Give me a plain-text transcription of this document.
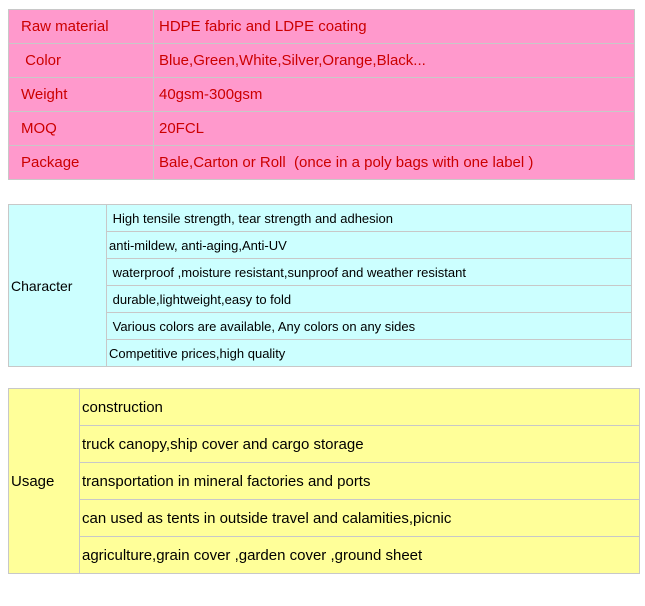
Raw material	HDPE fabric and LDPE coating
Color	Blue,Green,White,Silver,Orange,Black...
Weight	40gsm-300gsm
MOQ	20FCL
Package	Bale,Carton or Roll  (once in a poly bags with one label )
Character	High tensile strength, tear strength and adhesion
anti-mildew, anti-aging,Anti-UV
waterproof ,moisture resistant,sunproof and weather resistant
durable,lightweight,easy to fold
Various colors are available, Any colors on any sides
Competitive prices,high quality
Usage	construction
truck canopy,ship cover and cargo storage
transportation in mineral factories and ports
can used as tents in outside travel and calamities,picnic
agriculture,grain cover ,garden cover ,ground sheet
